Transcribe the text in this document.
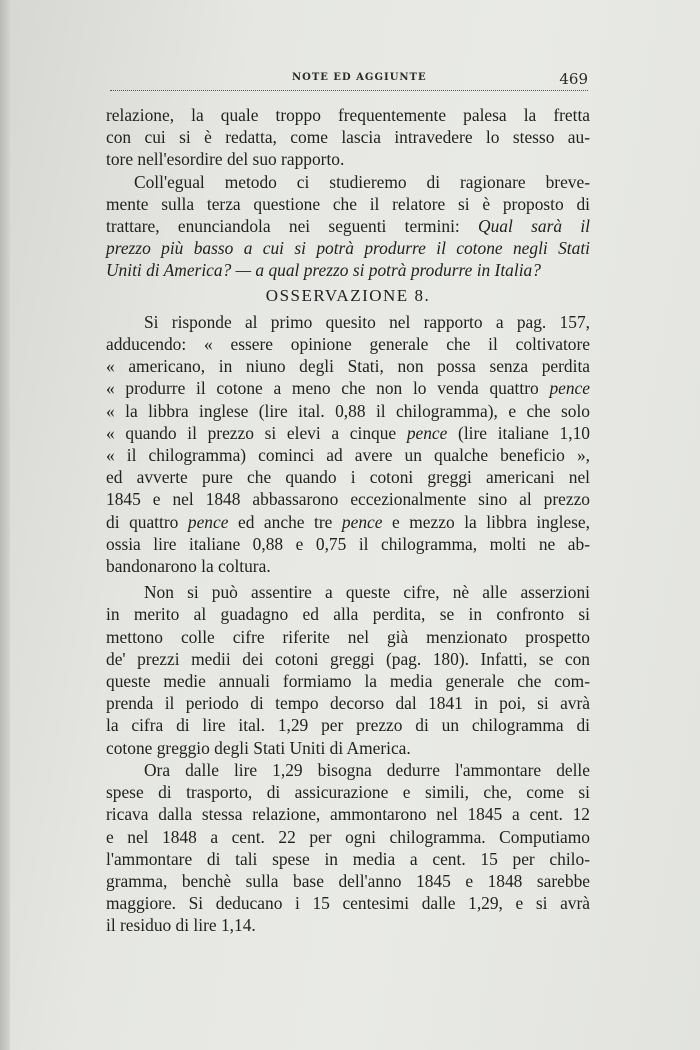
NOTE ED AGGIUNTE	469

relazione, la quale troppo frequentemente palesa la fretta
con cui si è redatta, come lascia intravedere lo stesso au-
tore nell'esordire del suo rapporto.

Coll'egual metodo ci studieremo di ragionare breve-
mente sulla terza questione che il relatore si è proposto di
trattare, enunciandola nei seguenti termini: Qual sarà il
prezzo più basso a cui si potrà produrre il cotone negli Stati
Uniti di America? — a qual prezzo si potrà produrre in Italia?

OSSERVAZIONE 8.

Si risponde al primo quesito nel rapporto a pag. 157,
adducendo: « essere opinione generale che il coltivatore
« americano, in niuno degli Stati, non possa senza perdita
« produrre il cotone a meno che non lo venda quattro pence
« la libbra inglese (lire ital. 0,88 il chilogramma), e che solo
« quando il prezzo si elevi a cinque pence (lire italiane 1,10
« il chilogramma) cominci ad avere un qualche beneficio »,
ed avverte pure che quando i cotoni greggi americani nel
1845 e nel 1848 abbassarono eccezionalmente sino al prezzo
di quattro pence ed anche tre pence e mezzo la libbra inglese,
ossia lire italiane 0,88 e 0,75 il chilogramma, molti ne ab-
bandonarono la coltura.

Non si può assentire a queste cifre, nè alle asserzioni
in merito al guadagno ed alla perdita, se in confronto si
mettono colle cifre riferite nel già menzionato prospetto
de' prezzi medii dei cotoni greggi (pag. 180). Infatti, se con
queste medie annuali formiamo la media generale che com-
prenda il periodo di tempo decorso dal 1841 in poi, si avrà
la cifra di lire ital. 1,29 per prezzo di un chilogramma di
cotone greggio degli Stati Uniti di America.

Ora dalle lire 1,29 bisogna dedurre l'ammontare delle
spese di trasporto, di assicurazione e simili, che, come si
ricava dalla stessa relazione, ammontarono nel 1845 a cent. 12
e nel 1848 a cent. 22 per ogni chilogramma. Computiamo
l'ammontare di tali spese in media a cent. 15 per chilo-
gramma, benchè sulla base dell'anno 1845 e 1848 sarebbe
maggiore. Si deducano i 15 centesimi dalle 1,29, e si avrà
il residuo di lire 1,14.
